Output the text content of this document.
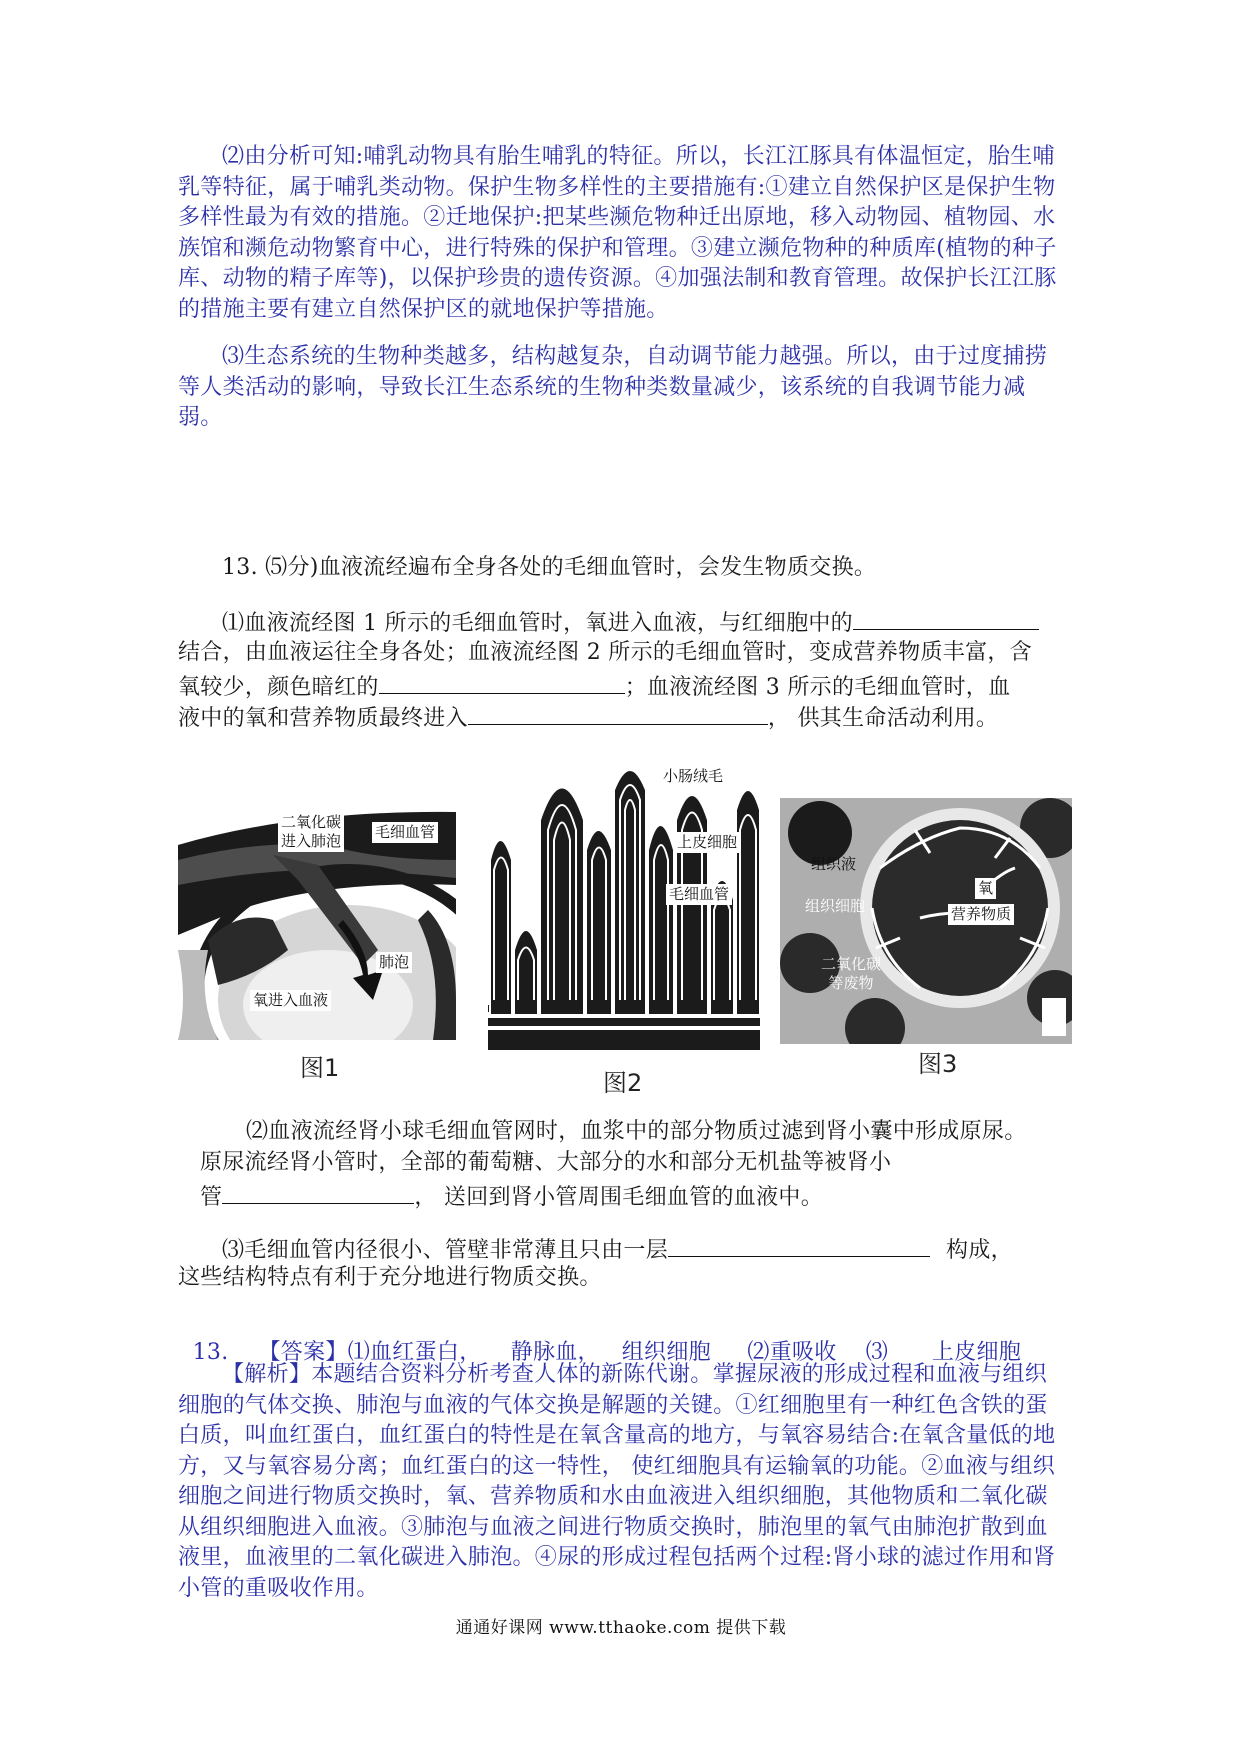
⑵由分析可知:哺乳动物具有胎生哺乳的特征。所以，长江江豚具有体温恒定，胎生哺乳等特征，属于哺乳类动物。保护生物多样性的主要措施有:①建立自然保护区是保护生物多样性最为有效的措施。②迁地保护:把某些濒危物种迁出原地，移入动物园、植物园、水族馆和濒危动物繁育中心，进行特殊的保护和管理。③建立濒危物种的种质库(植物的种子库、动物的精子库等)，以保护珍贵的遗传资源。④加强法制和教育管理。故保护长江江豚的措施主要有建立自然保护区的就地保护等措施。
⑶生态系统的生物种类越多，结构越复杂，自动调节能力越强。所以，由于过度捕捞等人类活动的影响，导致长江生态系统的生物种类数量减少，该系统的自我调节能力减弱。
13. ⑸分)血液流经遍布全身各处的毛细血管时，会发生物质交换。
⑴血液流经图 1 所示的毛细血管时，氧进入血液，与红细胞中的
结合，由血液运往全身各处；血液流经图 2 所示的毛细血管时，变成营养物质丰富，含
氧较少，颜色暗红的	；血液流经图 3 所示的毛细血管时，血
液中的氧和营养物质最终进入	， 供其生命活动利用。
二氧化碳
进入肺泡 毛细血管
肺泡
氧进入血液
图1
小肠绒毛
上皮细胞
毛细血管
图2
组织液
组织细胞
氧
营养物质
二氧化碳
等废物
图3
⑵血液流经肾小球毛细血管网时，血浆中的部分物质过滤到肾小囊中形成原尿。
原尿流经肾小管时，全部的葡萄糖、大部分的水和部分无机盐等被肾小
管	， 送回到肾小管周围毛细血管的血液中。
⑶毛细血管内径很小、管壁非常薄且只由一层	构成，
这些结构特点有利于充分地进行物质交换。

13. 【答案】⑴血红蛋白，    静脉血，   组织细胞     ⑵重吸收    ⑶      上皮细胞

【解析】本题结合资料分析考查人体的新陈代谢。掌握尿液的形成过程和血液与组织细胞的气体交换、肺泡与血液的气体交换是解题的关键。①红细胞里有一种红色含铁的蛋白质，叫血红蛋白，血红蛋白的特性是在氧含量高的地方，与氧容易结合:在氧含量低的地方，又与氧容易分离；血红蛋白的这一特性， 使红细胞具有运输氧的功能。②血液与组织细胞之间进行物质交换时，氧、营养物质和水由血液进入组织细胞，其他物质和二氧化碳从组织细胞进入血液。③肺泡与血液之间进行物质交换时，肺泡里的氧气由肺泡扩散到血液里，血液里的二氧化碳进入肺泡。④尿的形成过程包括两个过程:肾小球的滤过作用和肾小管的重吸收作用。
通通好课网 www.tthaoke.com 提供下载
